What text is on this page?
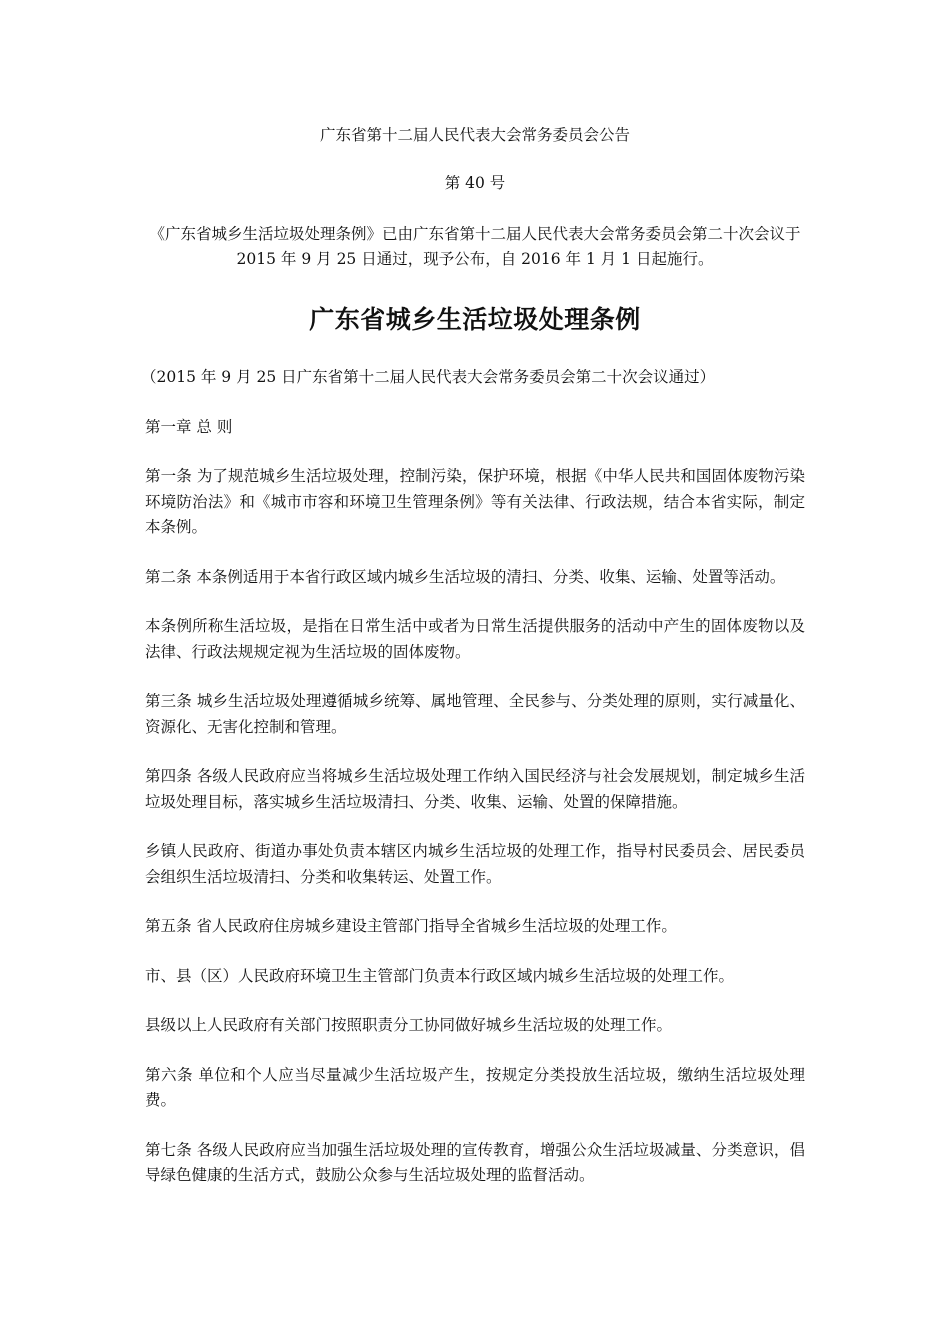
广东省第十二届人民代表大会常务委员会公告

第 40 号

《广东省城乡生活垃圾处理条例》已由广东省第十二届人民代表大会常务委员会第二十次会议于 2015 年 9 月 25 日通过，现予公布，自 2016 年 1 月 1 日起施行。

广东省城乡生活垃圾处理条例

（2015 年 9 月 25 日广东省第十二届人民代表大会常务委员会第二十次会议通过）

第一章 总 则

第一条 为了规范城乡生活垃圾处理，控制污染，保护环境，根据《中华人民共和国固体废物污染环境防治法》和《城市市容和环境卫生管理条例》等有关法律、行政法规，结合本省实际，制定本条例。

第二条 本条例适用于本省行政区域内城乡生活垃圾的清扫、分类、收集、运输、处置等活动。

本条例所称生活垃圾，是指在日常生活中或者为日常生活提供服务的活动中产生的固体废物以及法律、行政法规规定视为生活垃圾的固体废物。

第三条 城乡生活垃圾处理遵循城乡统筹、属地管理、全民参与、分类处理的原则，实行减量化、资源化、无害化控制和管理。

第四条 各级人民政府应当将城乡生活垃圾处理工作纳入国民经济与社会发展规划，制定城乡生活垃圾处理目标，落实城乡生活垃圾清扫、分类、收集、运输、处置的保障措施。

乡镇人民政府、街道办事处负责本辖区内城乡生活垃圾的处理工作，指导村民委员会、居民委员会组织生活垃圾清扫、分类和收集转运、处置工作。

第五条 省人民政府住房城乡建设主管部门指导全省城乡生活垃圾的处理工作。

市、县（区）人民政府环境卫生主管部门负责本行政区域内城乡生活垃圾的处理工作。

县级以上人民政府有关部门按照职责分工协同做好城乡生活垃圾的处理工作。

第六条 单位和个人应当尽量减少生活垃圾产生，按规定分类投放生活垃圾，缴纳生活垃圾处理费。

第七条 各级人民政府应当加强生活垃圾处理的宣传教育，增强公众生活垃圾减量、分类意识，倡导绿色健康的生活方式，鼓励公众参与生活垃圾处理的监督活动。
